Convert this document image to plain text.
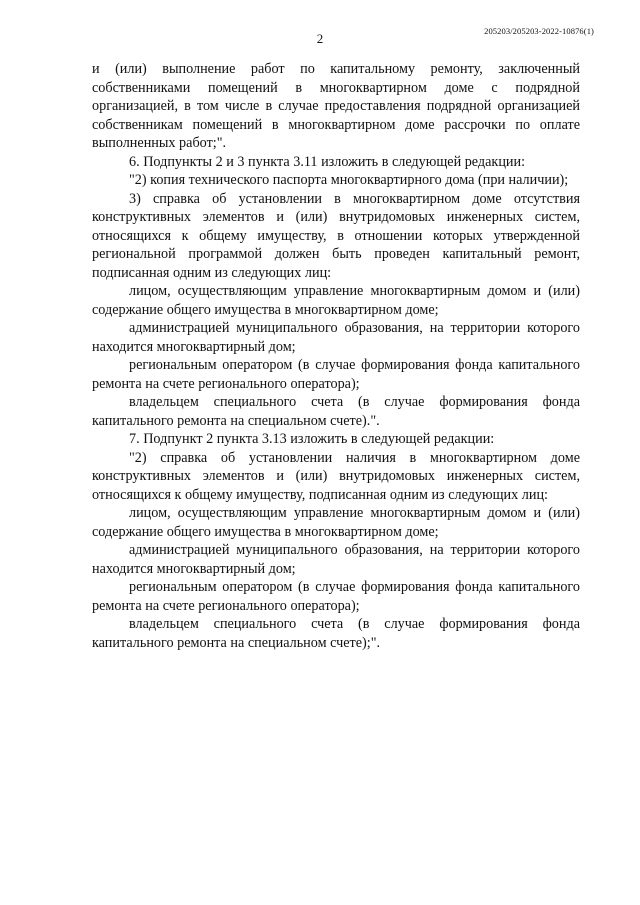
205203/205203-2022-10876(1)
2

и (или) выполнение работ по капитальному ремонту, заключенный собственниками помещений в многоквартирном доме с подрядной организацией, в том числе в случае предоставления подрядной организацией собственникам помещений в многоквартирном доме рассрочки по оплате выполненных работ;".

6. Подпункты 2 и 3 пункта 3.11 изложить в следующей редакции:

"2) копия технического паспорта многоквартирного дома (при наличии);

3) справка об установлении в многоквартирном доме отсутствия конструктивных элементов и (или) внутридомовых инженерных систем, относящихся к общему имуществу, в отношении которых утвержденной региональной программой должен быть проведен капитальный ремонт, подписанная одним из следующих лиц:

лицом, осуществляющим управление многоквартирным домом и (или) содержание общего имущества в многоквартирном доме;

администрацией муниципального образования, на территории которого находится многоквартирный дом;

региональным оператором (в случае формирования фонда капитального ремонта на счете регионального оператора);

владельцем специального счета (в случае формирования фонда капитального ремонта на специальном счете).".

7. Подпункт 2 пункта 3.13 изложить в следующей редакции:

"2) справка об установлении наличия в многоквартирном доме конструктивных элементов и (или) внутридомовых инженерных систем, относящихся к общему имуществу, подписанная одним из следующих лиц:

лицом, осуществляющим управление многоквартирным домом и (или) содержание общего имущества в многоквартирном доме;

администрацией муниципального образования, на территории которого находится многоквартирный дом;

региональным оператором (в случае формирования фонда капитального ремонта на счете регионального оператора);

владельцем специального счета (в случае формирования фонда капитального ремонта на специальном счете);".
